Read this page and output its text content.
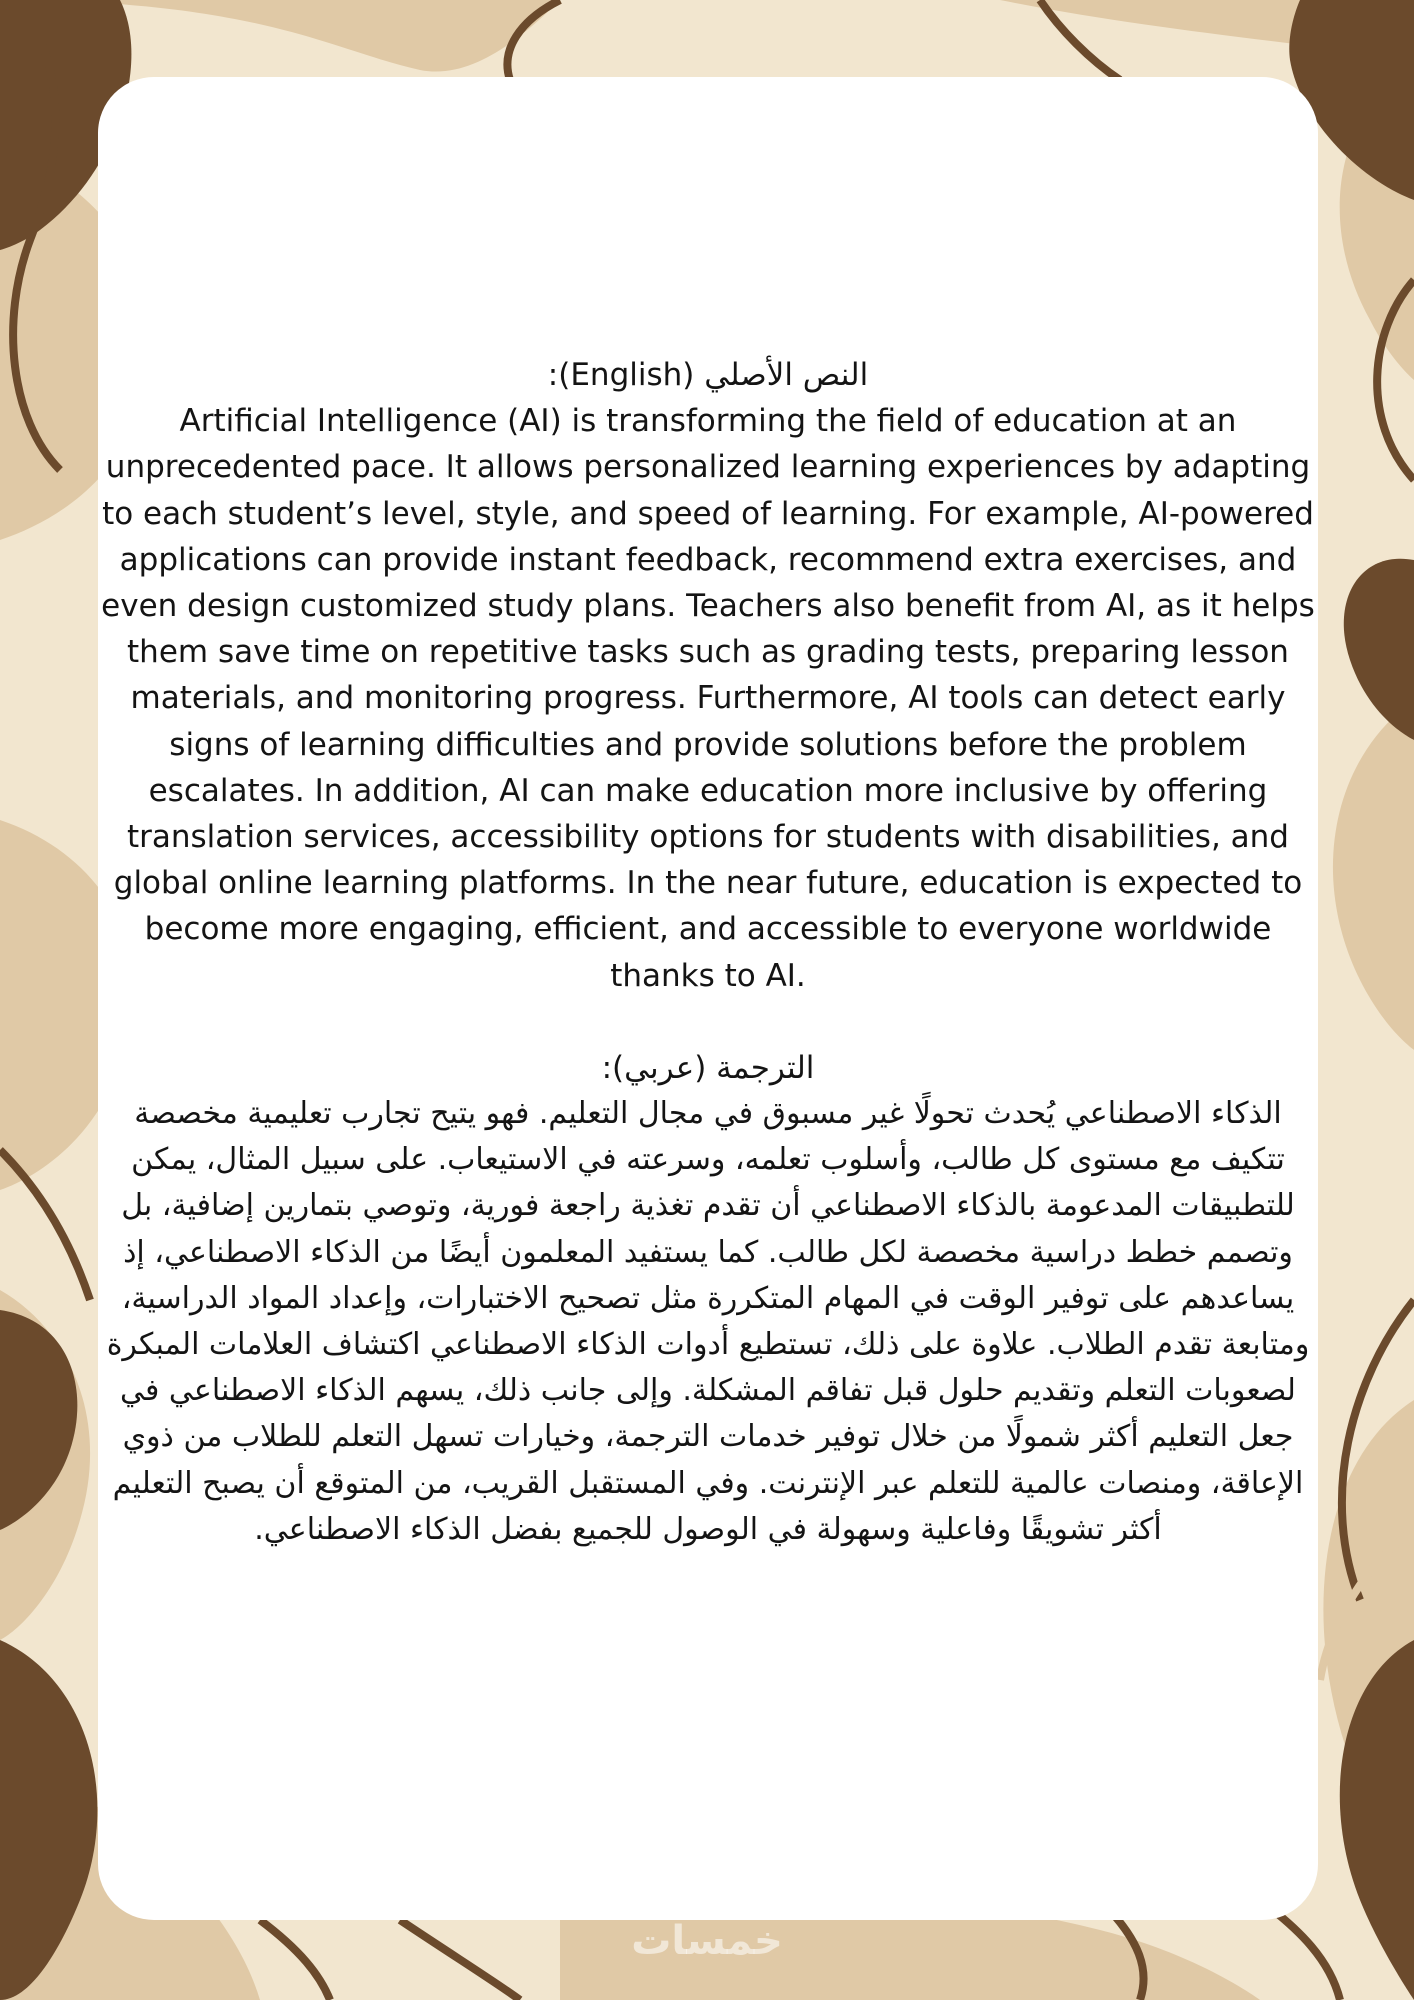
النص الأصلي (English):

Artificial Intelligence (AI) is transforming the field of education at an unprecedented pace. It allows personalized learning experiences by adapting to each student’s level, style, and speed of learning. For example, AI-powered applications can provide instant feedback, recommend extra exercises, and even design customized study plans. Teachers also benefit from AI, as it helps them save time on repetitive tasks such as grading tests, preparing lesson materials, and monitoring progress. Furthermore, AI tools can detect early signs of learning difficulties and provide solutions before the problem escalates. In addition, AI can make education more inclusive by offering translation services, accessibility options for students with disabilities, and global online learning platforms. In the near future, education is expected to become more engaging, efficient, and accessible to everyone worldwide thanks to AI.

الترجمة (عربي):

الذكاء الاصطناعي يُحدث تحولًا غير مسبوق في مجال التعليم. فهو يتيح تجارب تعليمية مخصصة تتكيف مع مستوى كل طالب، وأسلوب تعلمه، وسرعته في الاستيعاب. على سبيل المثال، يمكن للتطبيقات المدعومة بالذكاء الاصطناعي أن تقدم تغذية راجعة فورية، وتوصي بتمارين إضافية، بل وتصمم خطط دراسية مخصصة لكل طالب. كما يستفيد المعلمون أيضًا من الذكاء الاصطناعي، إذ يساعدهم على توفير الوقت في المهام المتكررة مثل تصحيح الاختبارات، وإعداد المواد الدراسية، ومتابعة تقدم الطلاب. علاوة على ذلك، تستطيع أدوات الذكاء الاصطناعي اكتشاف العلامات المبكرة لصعوبات التعلم وتقديم حلول قبل تفاقم المشكلة. وإلى جانب ذلك، يسهم الذكاء الاصطناعي في جعل التعليم أكثر شمولًا من خلال توفير خدمات الترجمة، وخيارات تسهل التعلم للطلاب من ذوي الإعاقة، ومنصات عالمية للتعلم عبر الإنترنت. وفي المستقبل القريب، من المتوقع أن يصبح التعليم أكثر تشويقًا وفاعلية وسهولة في الوصول للجميع بفضل الذكاء الاصطناعي.

خمسات
